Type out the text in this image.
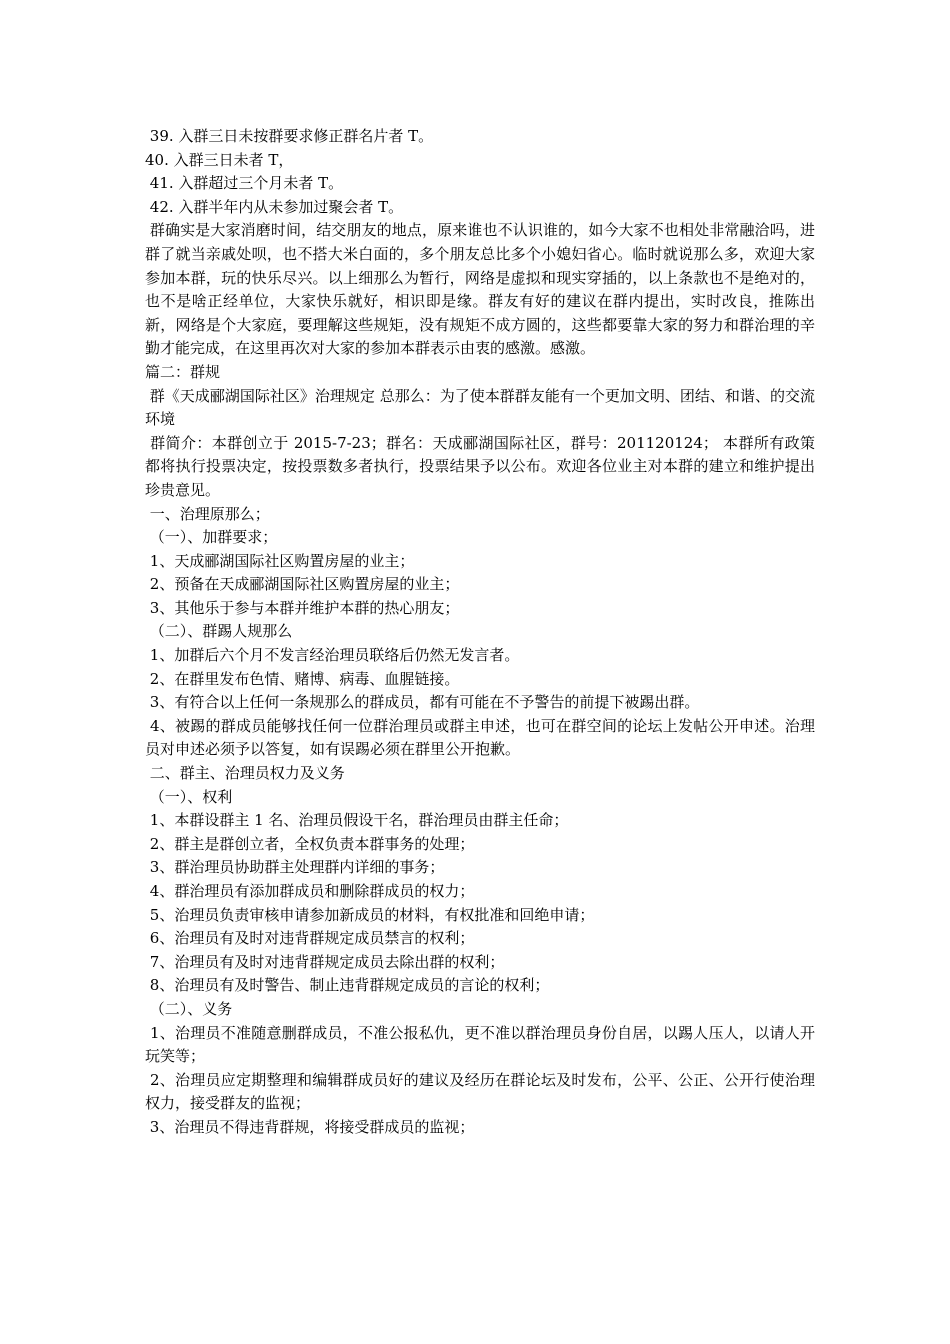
39. 入群三日未按群要求修正群名片者 T。
40. 入群三日未者 T，
41. 入群超过三个月未者 T。
42. 入群半年内从未参加过聚会者 T。
群确实是大家消磨时间，结交朋友的地点，原来谁也不认识谁的，如今大家不也相处非常融洽吗，进群了就当亲戚处呗，也不搭大米白面的，多个朋友总比多个小媳妇省心。临时就说那么多，欢迎大家参加本群，玩的快乐尽兴。以上细那么为暂行，网络是虚拟和现实穿插的，以上条款也不是绝对的，也不是啥正经单位，大家快乐就好，相识即是缘。群友有好的建议在群内提出，实时改良，推陈出新，网络是个大家庭，要理解这些规矩，没有规矩不成方圆的，这些都要靠大家的努力和群治理的辛勤才能完成，在这里再次对大家的参加本群表示由衷的感激。感激。
篇二：群规
群《天成郦湖国际社区》治理规定 总那么：为了使本群群友能有一个更加文明、团结、和谐、的交流环境
群简介：本群创立于 2015-7-23；群名：天成郦湖国际社区，群号：201120124； 本群所有政策都将执行投票决定，按投票数多者执行，投票结果予以公布。欢迎各位业主对本群的建立和维护提出珍贵意见。
一、治理原那么；
（一）、加群要求；
1、天成郦湖国际社区购置房屋的业主；
2、预备在天成郦湖国际社区购置房屋的业主；
3、其他乐于参与本群并维护本群的热心朋友；
（二）、群踢人规那么
1、加群后六个月不发言经治理员联络后仍然无发言者。
2、在群里发布色情、赌博、病毒、血腥链接。
3、有符合以上任何一条规那么的群成员，都有可能在不予警告的前提下被踢出群。
4、被踢的群成员能够找任何一位群治理员或群主申述，也可在群空间的论坛上发帖公开申述。治理员对申述必须予以答复，如有误踢必须在群里公开抱歉。
二、群主、治理员权力及义务
（一）、权利
1、本群设群主 1 名、治理员假设干名，群治理员由群主任命；
2、群主是群创立者，全权负责本群事务的处理；
3、群治理员协助群主处理群内详细的事务；
4、群治理员有添加群成员和删除群成员的权力；
5、治理员负责审核申请参加新成员的材料，有权批准和回绝申请；
6、治理员有及时对违背群规定成员禁言的权利；
7、治理员有及时对违背群规定成员去除出群的权利；
8、治理员有及时警告、制止违背群规定成员的言论的权利；
（二）、义务
1、治理员不准随意删群成员，不准公报私仇，更不准以群治理员身份自居，以踢人压人，以请人开玩笑等；
2、治理员应定期整理和编辑群成员好的建议及经历在群论坛及时发布，公平、公正、公开行使治理权力，接受群友的监视；
3、治理员不得违背群规，将接受群成员的监视；
